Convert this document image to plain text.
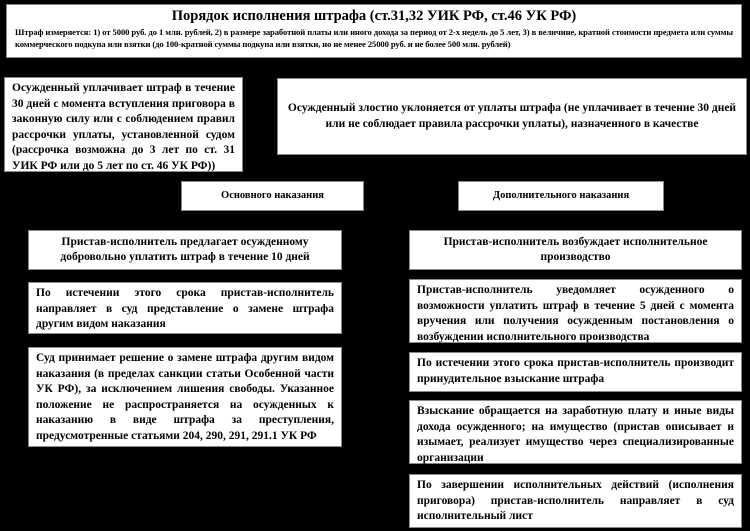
Порядок исполнения штрафа (ст.31,32 УИК РФ, ст.46 УК РФ)
Штраф измеряется: 1) от 5000 руб. до 1 млн. рублей, 2) в размере заработной платы или иного дохода за период от 2-х недель до 5 лет, 3) в величине, кратной стоимости предмета или суммы коммерческого подкупа или взятки (до 100-кратной суммы подкупа или взятки, но не менее 25000 руб. и не более 500 млн. рублей)
Осужденный уплачивает штраф в течение 30 дней с момента вступления приговора в законную силу или с соблюдением правил рассрочки уплаты, установленной судом (рассрочка возможна до 3 лет по ст. 31 УИК РФ или до 5 лет по ст. 46 УК РФ))
Осужденный злостно уклоняется от уплаты штрафа (не уплачивает в течение 30 дней или не соблюдает правила рассрочки уплаты), назначенного в качестве
Основного наказания	Дополнительного наказания
Пристав-исполнитель предлагает осужденному добровольно уплатить штраф в течение 10 дней
По истечении этого срока пристав-исполнитель направляет в суд представление о замене штрафа другим видом наказания
Суд принимает решение о замене штрафа другим видом наказания (в пределах санкции статьи Особенной части УК РФ), за исключением лишения свободы. Указанное положение не распространяется на осужденных к наказанию в виде штрафа за преступления, предусмотренные статьями 204, 290, 291, 291.1 УК РФ
Пристав-исполнитель возбуждает исполнительное производство
Пристав-исполнитель уведомляет осужденного о возможности уплатить штраф в течение 5 дней с момента вручения или получения осужденным постановления о возбуждении исполнительного производства
По истечении этого срока пристав-исполнитель производит принудительное взыскание штрафа
Взыскание обращается на заработную плату и иные виды дохода осужденного; на имущество (пристав описывает и изымает, реализует имущество через специализированные организации
По завершении исполнительных действий (исполнения приговора) пристав-исполнитель направляет в суд исполнительный лист
